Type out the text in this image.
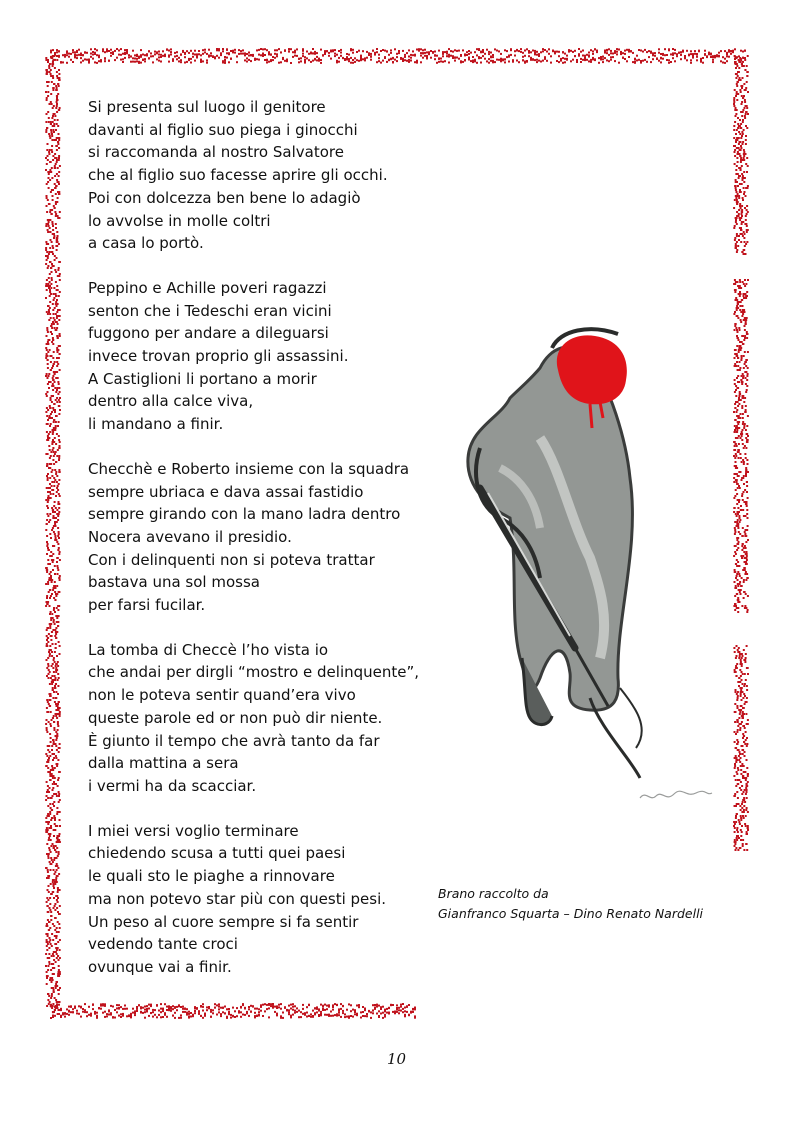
Si presenta sul luogo il genitore
davanti al figlio suo piega i ginocchi
si raccomanda al nostro Salvatore
che al figlio suo facesse aprire gli occhi.
Poi con dolcezza ben bene lo adagiò
lo avvolse in molle coltri
a casa lo portò.

Peppino e Achille poveri ragazzi
senton che i Tedeschi eran vicini
fuggono per andare a dileguarsi
invece trovan proprio gli assassini.
A Castiglioni li portano a morir
dentro alla calce viva,
li mandano a finir.

Checchè e Roberto insieme con la squadra
sempre ubriaca e dava assai fastidio
sempre girando con la mano ladra dentro
Nocera avevano il presidio.
Con i delinquenti non si poteva trattar
bastava una sol mossa
per farsi fucilar.

La tomba di Checcè l’ho vista io
che andai per dirgli “mostro e delinquente”,
non le poteva sentir quand’era vivo
queste parole ed or non può dir niente.
È giunto il tempo che avrà tanto da far
dalla mattina a sera
i vermi ha da scacciar.

I miei versi voglio terminare
chiedendo scusa a tutti quei paesi
le quali sto le piaghe a rinnovare
ma non potevo star più con questi pesi.
Un peso al cuore sempre si fa sentir
vedendo tante croci
ovunque vai a finir.

Brano raccolto da
Gianfranco Squarta – Dino Renato Nardelli
10
